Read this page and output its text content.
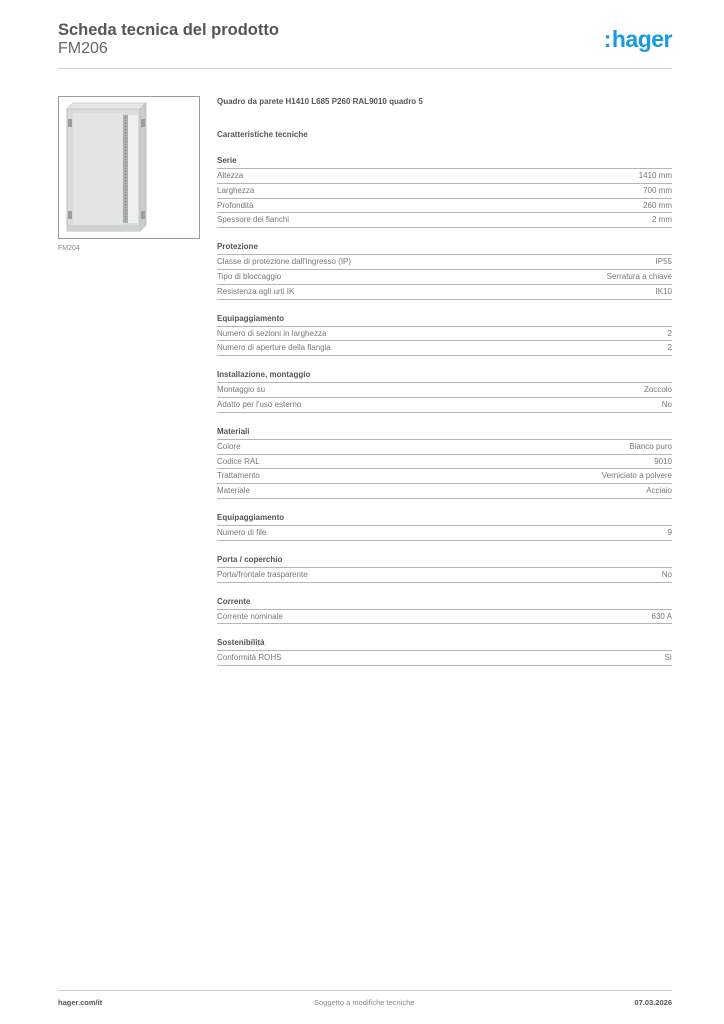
Scheda tecnica del prodotto
FM206	:hager
FM204
Quadro da parete H1410 L685 P260 RAL9010 quadro 5
Caratteristiche tecniche
Serie
Altezza	1410 mm
Larghezza	700 mm
Profondità	260 mm
Spessore dei fianchi	2 mm
Protezione
Classe di protezione dall'ingresso (IP)	IP55
Tipo di bloccaggio	Serratura a chiave
Resistenza agli urti IK	IK10
Equipaggiamento
Numero di sezioni in larghezza	2
Numero di aperture della flangia	2
Installazione, montaggio
Montaggio su	Zoccolo
Adatto per l'uso esterno	No
Materiali
Colore	Bianco puro
Codice RAL	9010
Trattamento	Verniciato a polvere
Materiale	Acciaio
Equipaggiamento
Numero di file	9
Porta / coperchio
Porta/frontale trasparente	No
Corrente
Corrente nominale	630 A
Sostenibilità
Conformità ROHS	Sì
hager.com/it	Soggetto a modifiche tecniche	07.03.2026
